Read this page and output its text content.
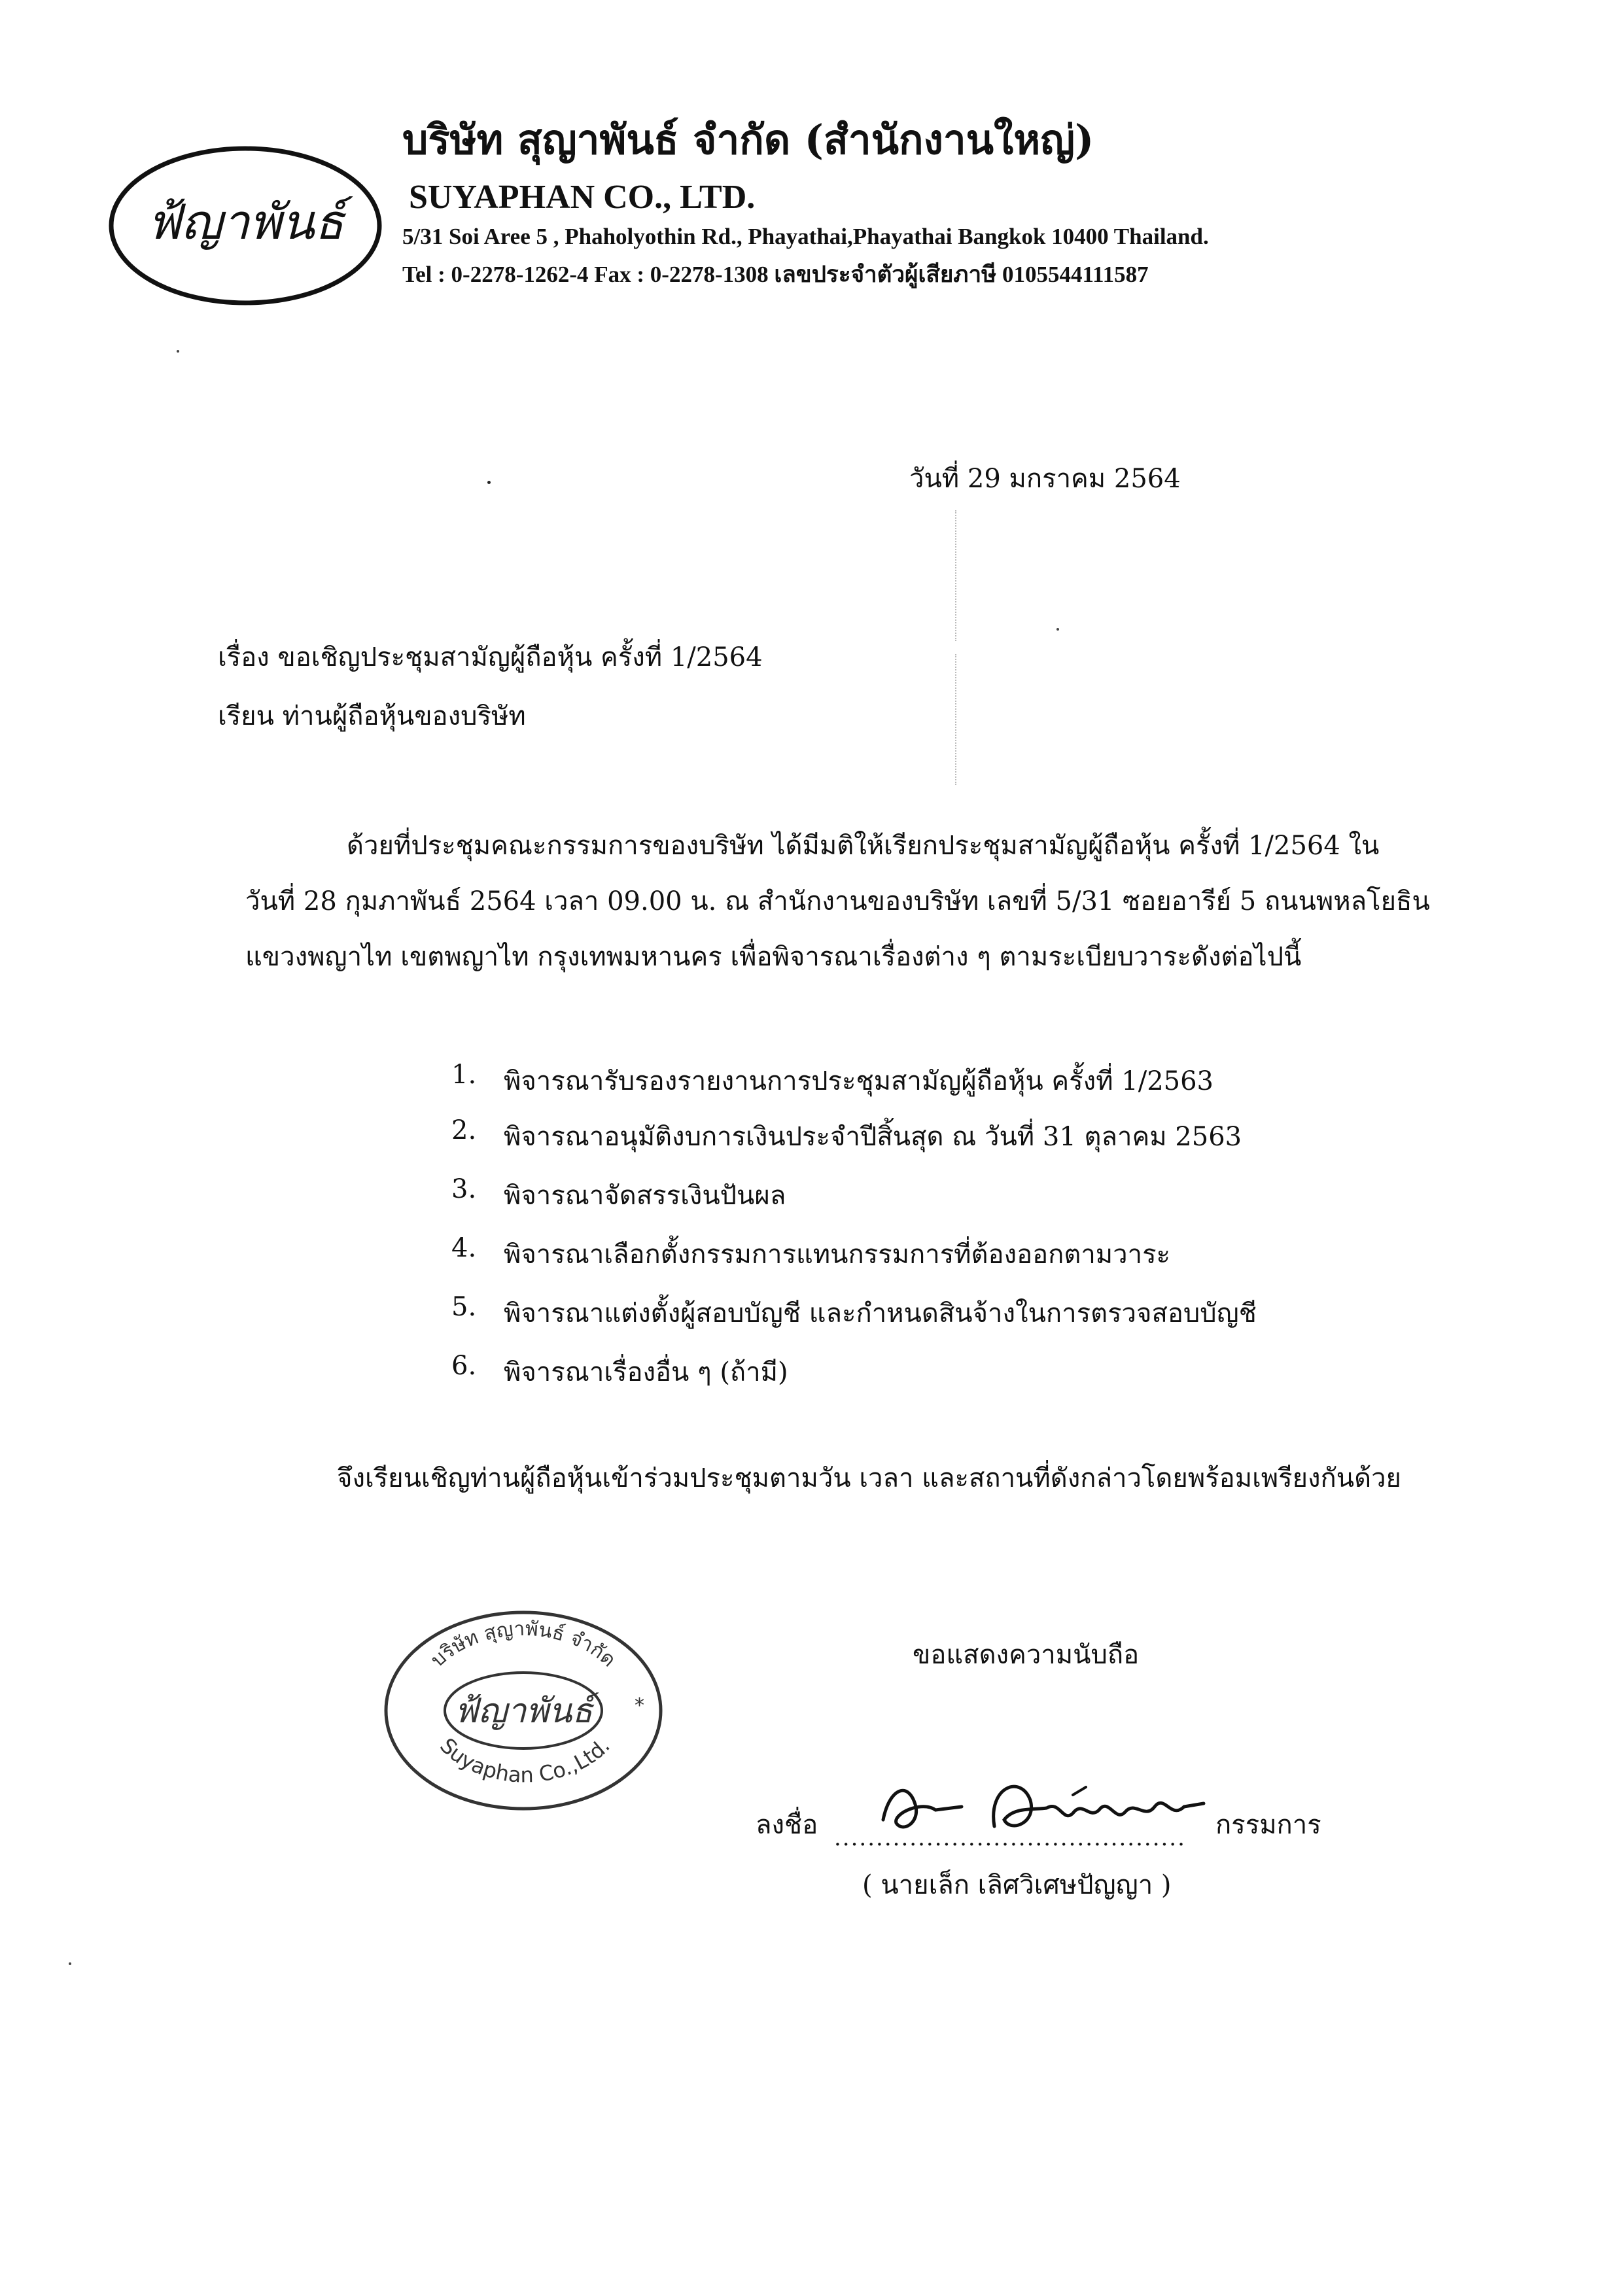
ฟ้ญาพันธ์
บริษัท สุญาพันธ์ จำกัด (สำนักงานใหญ่)
SUYAPHAN CO., LTD.
5/31 Soi Aree 5 , Phaholyothin Rd., Phayathai,Phayathai Bangkok 10400 Thailand.
Tel : 0-2278-1262-4 Fax : 0-2278-1308 เลขประจำตัวผู้เสียภาษี 0105544111587
วันที่ 29 มกราคม 2564
เรื่อง ขอเชิญประชุมสามัญผู้ถือหุ้น ครั้งที่ 1/2564
เรียน ท่านผู้ถือหุ้นของบริษัท
ด้วยที่ประชุมคณะกรรมการของบริษัท ได้มีมติให้เรียกประชุมสามัญผู้ถือหุ้น ครั้งที่ 1/2564 ใน
วันที่ 28 กุมภาพันธ์ 2564 เวลา 09.00 น. ณ สำนักงานของบริษัท เลขที่ 5/31 ซอยอารีย์ 5 ถนนพหลโยธิน
แขวงพญาไท เขตพญาไท กรุงเทพมหานคร เพื่อพิจารณาเรื่องต่าง ๆ ตามระเบียบวาระดังต่อไปนี้
1. พิจารณารับรองรายงานการประชุมสามัญผู้ถือหุ้น ครั้งที่ 1/2563
2. พิจารณาอนุมัติงบการเงินประจำปีสิ้นสุด ณ วันที่ 31 ตุลาคม 2563
3. พิจารณาจัดสรรเงินปันผล
4. พิจารณาเลือกตั้งกรรมการแทนกรรมการที่ต้องออกตามวาระ
5. พิจารณาแต่งตั้งผู้สอบบัญชี และกำหนดสินจ้างในการตรวจสอบบัญชี
6. พิจารณาเรื่องอื่น ๆ (ถ้ามี)
จึงเรียนเชิญท่านผู้ถือหุ้นเข้าร่วมประชุมตามวัน เวลา และสถานที่ดังกล่าวโดยพร้อมเพรียงกันด้วย
บริษัท สุญาพันธ์ จำกัด
ฟ้ญาพันธ์
Suyaphan Co.,Ltd.
*
ขอแสดงความนับถือ
ลงชื่อ .......................................... กรรมการ
( นายเล็ก เลิศวิเศษปัญญา )
